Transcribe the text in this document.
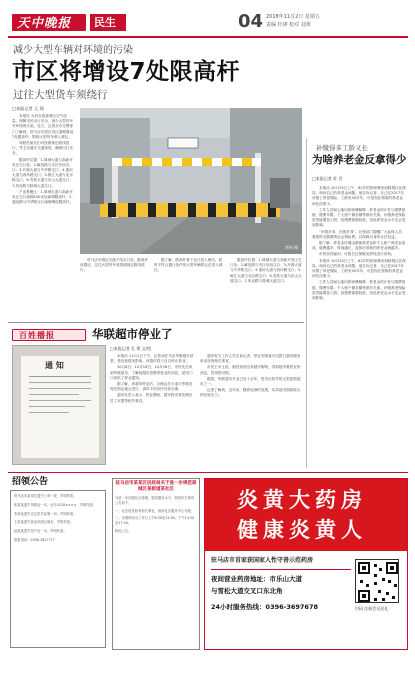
天中晚报 民生	04 2018年11月2日 星期五
责编 杜锋 校对 刘黄
减少大型车辆对环境的污染
市区将增设7处限高杆
过往大型货车须绕行
□本报记者 王 翔

本报讯 为切实改善城区空气质量，保障市民出行安全，减少大型货车对环境的污染。近日，记者从市交警部门了解到，驻马店市将在市区道路增设7处限高杆，限制大型货车驶入城区。

驾驶员朋友们可按照规定路线绕行，并主动遵守交通规则，确保出行安全。

限高杆位置：1.驿城大道与高新开发区交口处；2.解放路与市区东西交口；3.开源大道与中华路交口；4.淮河大道与西环路交口；5.练江大道与北京路交口；6.雪松大道与乐山大道交口；7.风光路与驿城大道交口。

产业集聚区：1.驿城大道与高新开发区交口南侧100米处新增限高杆；2.通达路与中华路交口南侧增设限高杆。

李伟 摄

驻马店市城区交通干线交口处，限高杆设置后，过往大型货车须按照指定路线绕行。

据了解，限高杆将于近日投入使用，届时不符合通行条件的大型车辆将无法进入城区。

限高杆位置：1.驿城大道与高新开发区交口处；2.解放路与市区东西交口；3.开源大道与中华路交口；4.淮河大道与西环路交口；5.练江大道与北京路交口；6.雪松大道与乐山大道交口；7.风光路与驿城大道交口。

补缴得多工龄又长
为啥养老金反拿得少
□本报记者 苏 君

本报讯 10月23日上午，62岁的张师傅来到驿城区社保局，询问自己的养老金问题。他告诉记者，自己在2017年补缴了养老保险，工龄有30多年，可是现在领取的养老金却比同事少。

工作人员耐心地向张师傅解释：养老金的计发与缴费基数、缴费年限、个人账户储存额等都有关系。补缴养老保险虽然能增加工龄，但缴费基数较低，因此养老金水平也会受到影响。

“多缴多得、长缴多得”。社保部门提醒广大参保人员，要按时足额缴纳社会保险费，以保障自身的合法权益。

据了解，养老金待遇由基础养老金和个人账户养老金组成，缴费越多、时间越长，退休后领取的养老金就越多。

市民如有疑问，可拨打社保服务热线进行咨询。

本报讯 10月23日上午，62岁的张师傅来到驿城区社保局，询问自己的养老金问题。他告诉记者，自己在2017年补缴了养老保险，工龄有30多年，可是现在领取的养老金却比同事少。

工作人员耐心地向张师傅解释：养老金的计发与缴费基数、缴费年限、个人账户储存额等都有关系。补缴养老保险虽然能增加工龄，但缴费基数较低，因此养老金水平也会受到影响。

百姓播报	华联超市停业了
□本报记者 孔 霄 文/图
通 知

本报讯 11月1日下午，记者从驻马店华联超市获悉，受经营情况影响，该超市将于近日停止营业。

10月8日、10月16日、10月16日，市民先后来到华联超市，了解到超市将暂停营业的消息，超市门口张贴了停业通知。

据了解，该超市停业后，办理会员卡退卡等事宜将在指定地点进行，请持卡的市民尽快办理。

超市负责人表示，停业期间，超市将妥善处理好员工安置等相关事宜。

超市有关工作人员告诉记者，停业后顾客可以拨打超市服务电话咨询相关事宜。

市民王女士说，她经常到这家超市购物，得知超市要停业的消息，觉得很可惜。

据悉，华联超市开业已经十余年，是市区较早的大型连锁超市之一。

记者了解到，近年来，随着电商的发展，实体超市面临较大的经营压力。

招领公告
驻马店市某单位遗失公章一枚，声明作废。
张某某遗失驾驶证一本，证号4128××××，声明作废。
李某某遗失出生医学证明一份，声明作废。
王某某遗失营业执照正副本，声明作废。
赵某某遗失房产证一本，声明作废。
联系电话：0396-2827777
驻马店市某某区民政局关于进一步规范驿城区某街道某社区
为进一步加强社区管理，提高服务水平，现将有关事项公告如下。
一、社区居民如有相关事宜，请到社区服务中心办理。
二、办理时间为工作日上午8:30至12:00，下午14:30至17:30。
特此公告。
炎黄大药房
健康炎黄人
驻马店市首家获国家人性守善示范药房
夜间营业药房地址：市乐山大道
与雪松大道交叉口东北角
24小时服务热线：0396-3697678	扫码 注册会员送礼
